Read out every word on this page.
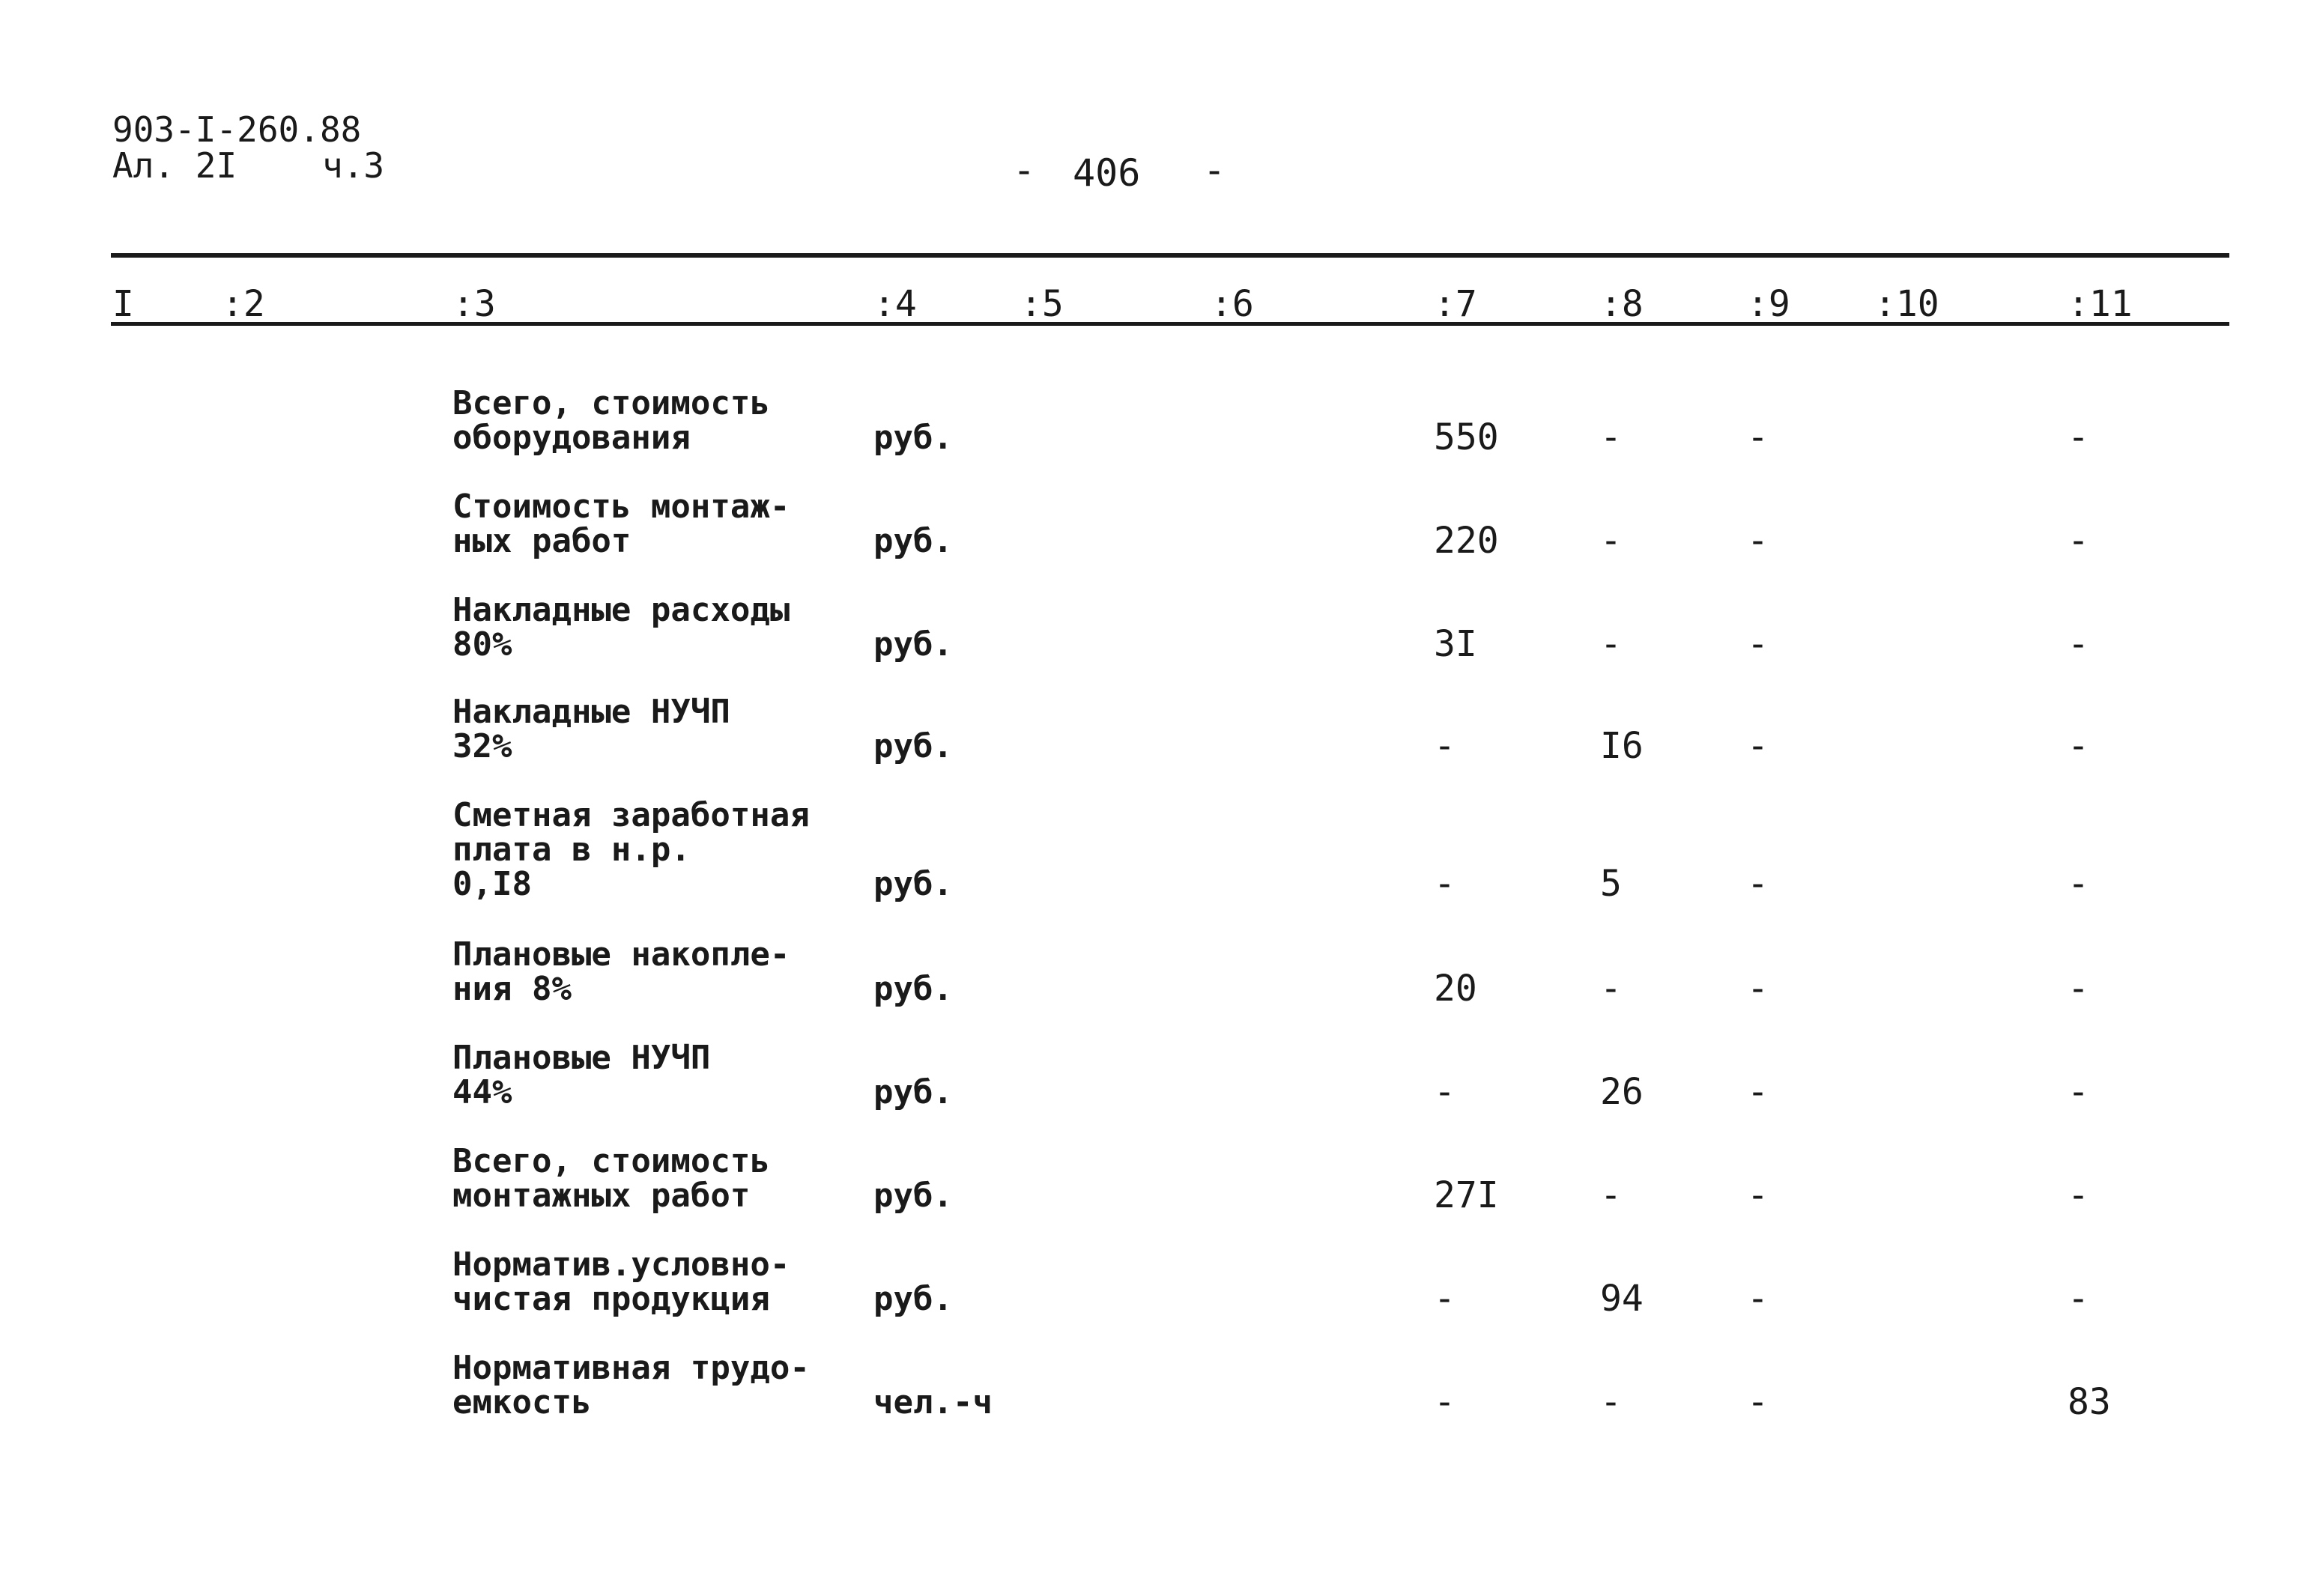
903-I-260.88
Ал. 2I ч.3	- 406 -
I :2	:3	:4	:5	:6	:7	:8	:9 :10	:11
Всего, стоимость
оборудования	руб.	550	-	-	-
Стоимость монтаж-
ных работ	руб.	220	-	-	-
Накладные расходы
80%	руб.	3I	-	-	-
Накладные НУЧП
32%	руб.	-	I6	-	-
Сметная заработная
плата в н.р.
0,I8	руб.	-	5	-	-
Плановые накопле-
ния 8%	руб.	20	-	-	-
Плановые НУЧП
44%	руб.	-	26	-	-
Всего, стоимость
монтажных работ	руб.	27I	-	-	-
Норматив.условно-
чистая продукция	руб.	-	94	-	-
Нормативная трудо-
емкость	чел.-ч	-	-	-	83
